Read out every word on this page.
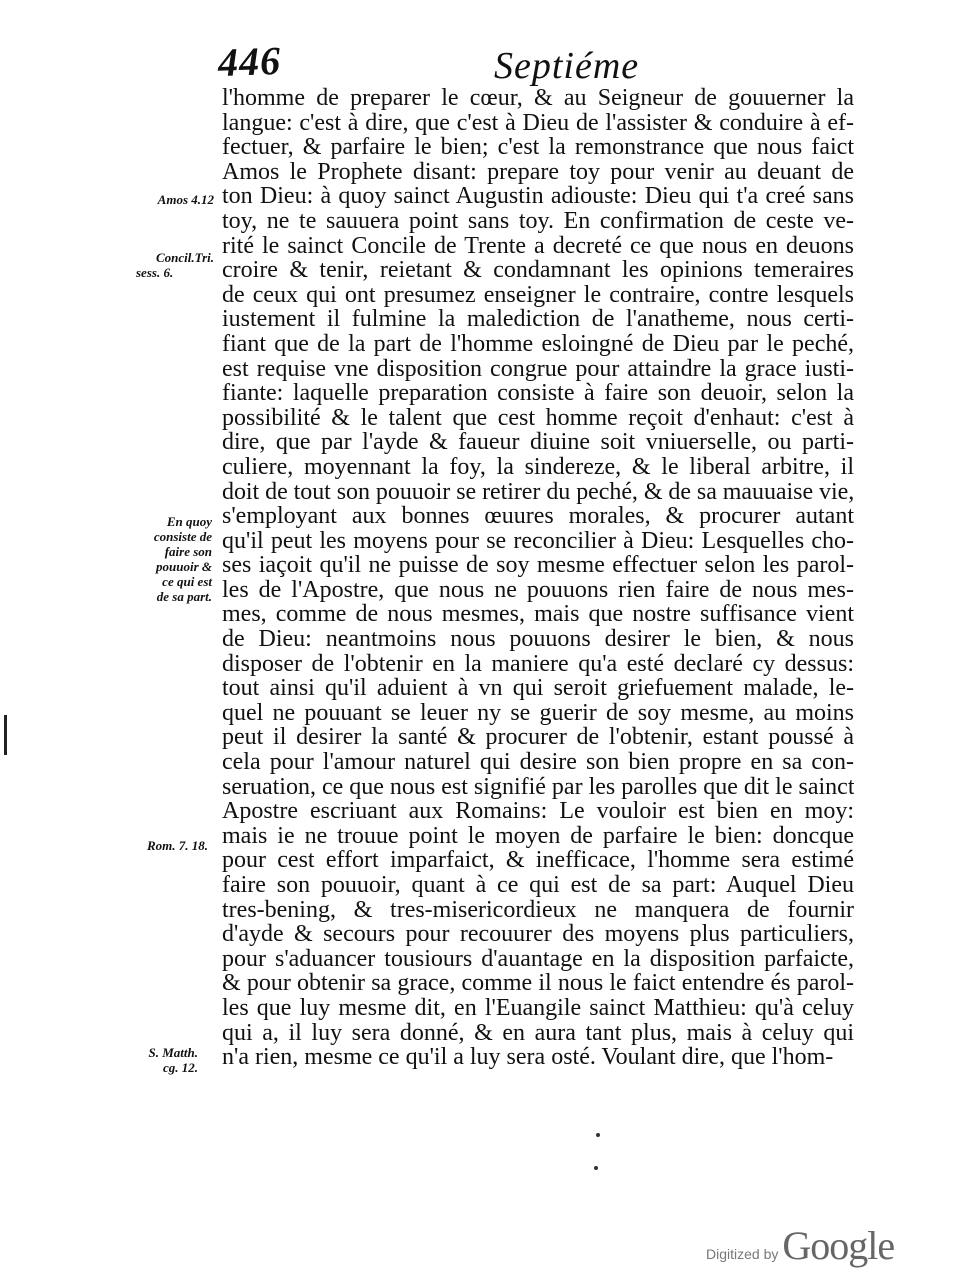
446	Septiéme
l'homme de preparer le cœur, & au Seigneur de gouuerner la
langue: c'est à dire, que c'est à Dieu de l'assister & conduire à ef-
fectuer, & parfaire le bien; c'est la remonstrance que nous faict
Amos le Prophete disant: prepare toy pour venir au deuant de
ton Dieu: à quoy sainct Augustin adiouste: Dieu qui t'a creé sans
toy, ne te sauuera point sans toy. En confirmation de ceste ve-
rité le sainct Concile de Trente a decreté ce que nous en deuons
croire & tenir, reietant & condamnant les opinions temeraires
de ceux qui ont presumez enseigner le contraire, contre lesquels
iustement il fulmine la malediction de l'anatheme, nous certi-
fiant que de la part de l'homme esloingné de Dieu par le peché,
est requise vne disposition congrue pour attaindre la grace iusti-
fiante: laquelle preparation consiste à faire son deuoir, selon la
possibilité & le talent que cest homme reçoit d'enhaut: c'est à
dire, que par l'ayde & faueur diuine soit vniuerselle, ou parti-
culiere, moyennant la foy, la sindereze, & le liberal arbitre, il
doit de tout son pouuoir se retirer du peché, & de sa mauuaise vie,
s'employant aux bonnes œuures morales, & procurer autant
qu'il peut les moyens pour se reconcilier à Dieu: Lesquelles cho-
ses iaçoit qu'il ne puisse de soy mesme effectuer selon les parol-
les de l'Apostre, que nous ne pouuons rien faire de nous mes-
mes, comme de nous mesmes, mais que nostre suffisance vient
de Dieu: neantmoins nous pouuons desirer le bien, & nous
disposer de l'obtenir en la maniere qu'a esté declaré cy dessus:
tout ainsi qu'il aduient à vn qui seroit griefuement malade, le-
quel ne pouuant se leuer ny se guerir de soy mesme, au moins
peut il desirer la santé & procurer de l'obtenir, estant poussé à
cela pour l'amour naturel qui desire son bien propre en sa con-
seruation, ce que nous est signifié par les parolles que dit le sainct
Apostre escriuant aux Romains: Le vouloir est bien en moy:
mais ie ne trouue point le moyen de parfaire le bien: doncque
pour cest effort imparfaict, & inefficace, l'homme sera estimé
faire son pouuoir, quant à ce qui est de sa part: Auquel Dieu
tres-bening, & tres-misericordieux ne manquera de fournir
d'ayde & secours pour recouurer des moyens plus particuliers,
pour s'aduancer tousiours d'auantage en la disposition parfaicte,
& pour obtenir sa grace, comme il nous le faict entendre és parol-
les que luy mesme dit, en l'Euangile sainct Matthieu: qu'à celuy
qui a, il luy sera donné, & en aura tant plus, mais à celuy qui
n'a rien, mesme ce qu'il a luy sera osté. Voulant dire, que l'hom-
Amos 4.12
Concil.Tri.
sess. 6.
En quoy
consiste de
faire son
pouuoir &
ce qui est
de sa part.
Rom. 7. 18.
S. Matth.
cg. 12.
Digitized by Google
